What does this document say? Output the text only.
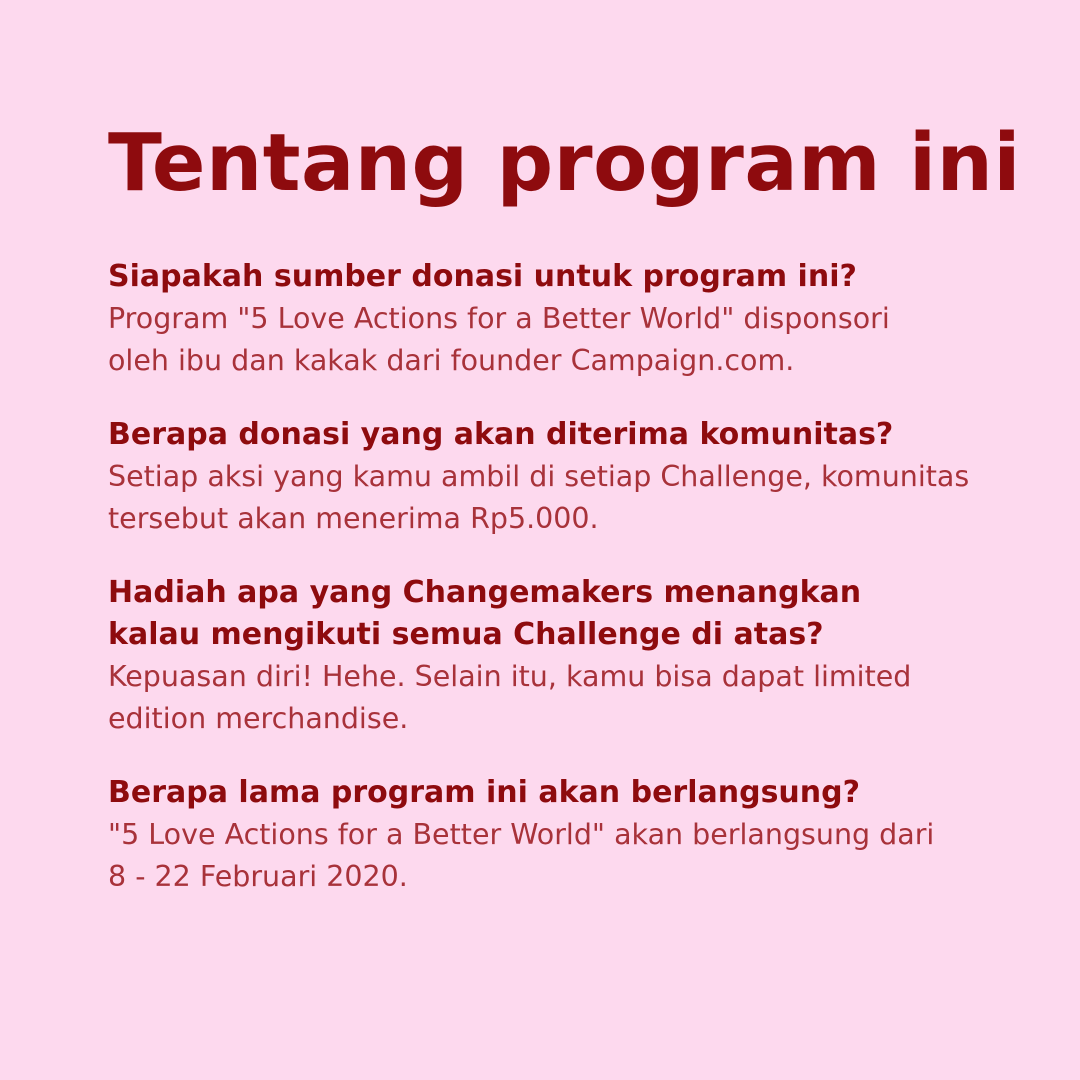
Tentang program ini

Siapakah sumber donasi untuk program ini?

Program "5 Love Actions for a Better World" disponsori
oleh ibu dan kakak dari founder Campaign.com.

Berapa donasi yang akan diterima komunitas?

Setiap aksi yang kamu ambil di setiap Challenge, komunitas
tersebut akan menerima Rp5.000.

Hadiah apa yang Changemakers menangkan
kalau mengikuti semua Challenge di atas?

Kepuasan diri! Hehe. Selain itu, kamu bisa dapat limited
edition merchandise.

Berapa lama program ini akan berlangsung?

"5 Love Actions for a Better World" akan berlangsung dari
8 - 22 Februari 2020.
